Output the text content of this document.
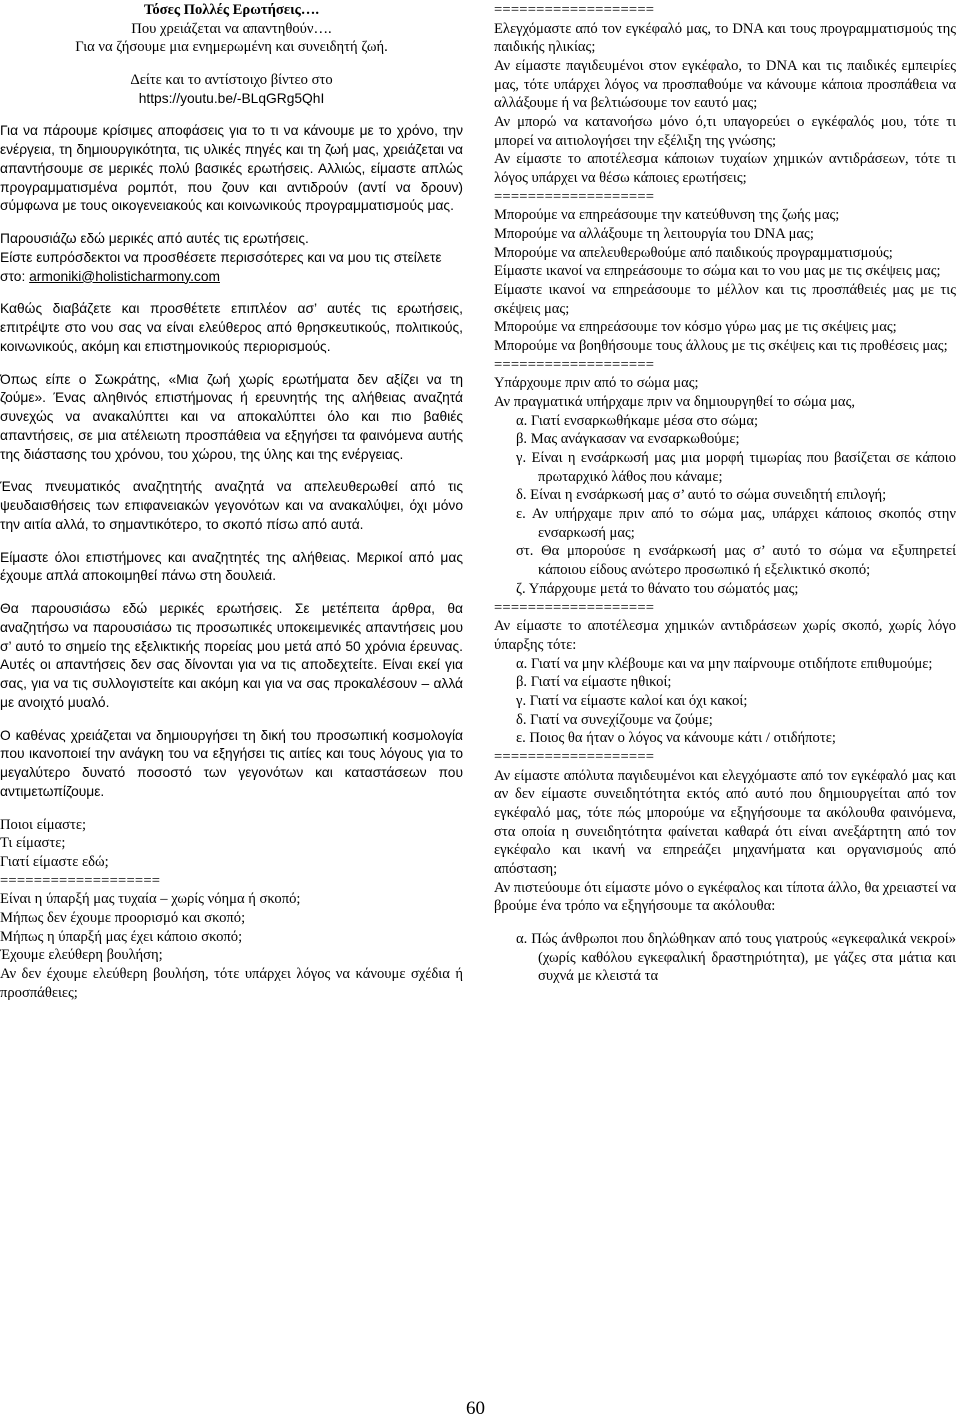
Τόσες Πολλές Ερωτήσεις….

Που χρειάζεται να απαντηθούν….

Για να ζήσουμε μια ενημερωμένη και συνειδητή ζωή.

Δείτε και το αντίστοιχο βίντεο στο

https://youtu.be/-BLqGRg5QhI

Για να πάρουμε κρίσιμες αποφάσεις για το τι να κάνουμε με το χρόνο, την ενέργεια, τη δημιουργικότητα, τις υλικές πηγές και τη ζωή μας, χρειάζεται να απαντήσουμε σε μερικές πολύ βασικές ερωτήσεις. Αλλιώς, είμαστε απλώς προγραμματισμένα ρομπότ, που ζουν και αντιδρούν (αντί να δρουν) σύμφωνα με τους οικογενειακούς και κοινωνικούς προγραμματισμούς μας.

Παρουσιάζω εδώ μερικές από αυτές τις ερωτήσεις.

Είστε ευπρόσδεκτοι να προσθέσετε περισσότερες και να μου τις στείλετε στο: armoniki@holisticharmony.com

Καθώς διαβάζετε και προσθέτετε επιπλέον ασ’ αυτές τις ερωτήσεις, επιτρέψτε στο νου σας να είναι ελεύθερος από θρησκευτικούς, πολιτικούς, κοινωνικούς, ακόμη και επιστημονικούς περιορισμούς.

Όπως είπε ο Σωκράτης, «Μια ζωή χωρίς ερωτήματα δεν αξίζει να τη ζούμε». Ένας αληθινός επιστήμονας ή ερευνητής της αλήθειας αναζητά συνεχώς να ανακαλύπτει και να αποκαλύπτει όλο και πιο βαθιές απαντήσεις, σε μια ατέλειωτη προσπάθεια να εξηγήσει τα φαινόμενα αυτής της διάστασης του χρόνου, του χώρου, της ύλης και της ενέργειας.

Ένας πνευματικός αναζητητής αναζητά να απελευθερωθεί από τις ψευδαισθήσεις των επιφανειακών γεγονότων και να ανακαλύψει, όχι μόνο την αιτία αλλά, το σημαντικότερο, το σκοπό πίσω από αυτά.

Είμαστε όλοι επιστήμονες και αναζητητές της αλήθειας. Μερικοί από μας έχουμε απλά αποκοιμηθεί πάνω στη δουλειά.

Θα παρουσιάσω εδώ μερικές ερωτήσεις. Σε μετέπειτα άρθρα, θα αναζητήσω να παρουσιάσω τις προσωπικές υποκειμενικές απαντήσεις μου σ’ αυτό το σημείο της εξελικτικής πορείας μου μετά από 50 χρόνια έρευνας. Αυτές οι απαντήσεις δεν σας δίνονται για να τις αποδεχτείτε. Είναι εκεί για σας, για να τις συλλογιστείτε και ακόμη και για να σας προκαλέσουν – αλλά με ανοιχτό μυαλό.

Ο καθένας χρειάζεται να δημιουργήσει τη δική του προσωπική κοσμολογία που ικανοποιεί την ανάγκη του να εξηγήσει τις αιτίες και τους λόγους για το μεγαλύτερο δυνατό ποσοστό των γεγονότων και καταστάσεων που αντιμετωπίζουμε.

Ποιοι είμαστε;

Τι είμαστε;

Γιατί είμαστε εδώ;

===================

Είναι η ύπαρξή μας τυχαία – χωρίς νόημα ή σκοπό;

Μήπως δεν έχουμε προορισμό και σκοπό;

Μήπως η ύπαρξή μας έχει κάποιο σκοπό;

Έχουμε ελεύθερη βουλήση;

Αν δεν έχουμε ελεύθερη βουλήση, τότε υπάρχει λόγος να κάνουμε σχέδια ή προσπάθειες;

===================

Ελεγχόμαστε από τον εγκέφαλό μας, το DNA και τους προγραμματισμούς της παιδικής ηλικίας;

Αν είμαστε παγιδευμένοι στον εγκέφαλο, το DNA και τις παιδικές εμπειρίες μας, τότε υπάρχει λόγος να προσπαθούμε να κάνουμε κάποια προσπάθεια να αλλάξουμε ή να βελτιώσουμε τον εαυτό μας;

Αν μπορώ να κατανοήσω μόνο ό,τι υπαγορεύει ο εγκέφαλός μου, τότε τι μπορεί να αιτιολογήσει την εξέλιξη της γνώσης;

Αν είμαστε το αποτέλεσμα κάποιων τυχαίων χημικών αντιδράσεων, τότε τι λόγος υπάρχει να θέσω κάποιες ερωτήσεις;

===================

Μπορούμε να επηρεάσουμε την κατεύθυνση της ζωής μας;

Μπορούμε να αλλάξουμε τη λειτουργία του DNA μας;

Μπορούμε να απελευθερωθούμε από παιδικούς προγραμματισμούς;

Είμαστε ικανοί να επηρεάσουμε το σώμα και το νου μας με τις σκέψεις μας;

Είμαστε ικανοί να επηρεάσουμε το μέλλον και τις προσπάθειές μας με τις σκέψεις μας;

Μπορούμε να επηρεάσουμε τον κόσμο γύρω μας με τις σκέψεις μας;

Μπορούμε να βοηθήσουμε τους άλλους με τις σκέψεις και τις προθέσεις μας;

===================

Υπάρχουμε πριν από το σώμα μας;

Αν πραγματικά υπήρχαμε πριν να δημιουργηθεί το σώμα μας,

α. Γιατί ενσαρκωθήκαμε μέσα στο σώμα;

β. Μας ανάγκασαν να ενσαρκωθούμε;

γ. Είναι η ενσάρκωσή μας μια μορφή τιμωρίας που βασίζεται σε κάποιο πρωταρχικό λάθος που κάναμε;

δ. Είναι η ενσάρκωσή μας σ’ αυτό το σώμα συνειδητή επιλογή;

ε. Αν υπήρχαμε πριν από το σώμα μας, υπάρχει κάποιος σκοπός στην ενσαρκωσή μας;

στ. Θα μπορούσε η ενσάρκωσή μας σ’ αυτό το σώμα να εξυπηρετεί κάποιου είδους ανώτερο προσωπικό ή εξελικτικό σκοπό;

ζ. Υπάρχουμε μετά το θάνατο του σώματός μας;

===================

Αν είμαστε το αποτέλεσμα χημικών αντιδράσεων χωρίς σκοπό, χωρίς λόγο ύπαρξης τότε:

α. Γιατί να μην κλέβουμε και να μην παίρνουμε οτιδήποτε επιθυμούμε;

β. Γιατί να είμαστε ηθικοί;

γ. Γιατί να είμαστε καλοί και όχι κακοί;

δ. Γιατί να συνεχίζουμε να ζούμε;

ε. Ποιος θα ήταν ο λόγος να κάνουμε κάτι / οτιδήποτε;

===================

Αν είμαστε απόλυτα παγιδευμένοι και ελεγχόμαστε από τον εγκέφαλό μας και αν δεν είμαστε συνειδητότητα εκτός από αυτό που δημιουργείται από τον εγκέφαλό μας, τότε πώς μπορούμε να εξηγήσουμε τα ακόλουθα φαινόμενα, στα οποία η συνειδητότητα φαίνεται καθαρά ότι είναι ανεξάρτητη από τον εγκέφαλο και ικανή να επηρεάζει μηχανήματα και οργανισμούς από απόσταση;

Αν πιστεύουμε ότι είμαστε μόνο ο εγκέφαλος και τίποτα άλλο, θα χρειαστεί να βρούμε ένα τρόπο να εξηγήσουμε τα ακόλουθα:

α. Πώς άνθρωποι που δηλώθηκαν από τους γιατρούς «εγκεφαλικά νεκροί» (χωρίς καθόλου εγκεφαλική δραστηριότητα), με γάζες στα μάτια και συχνά με κλειστά τα

60
